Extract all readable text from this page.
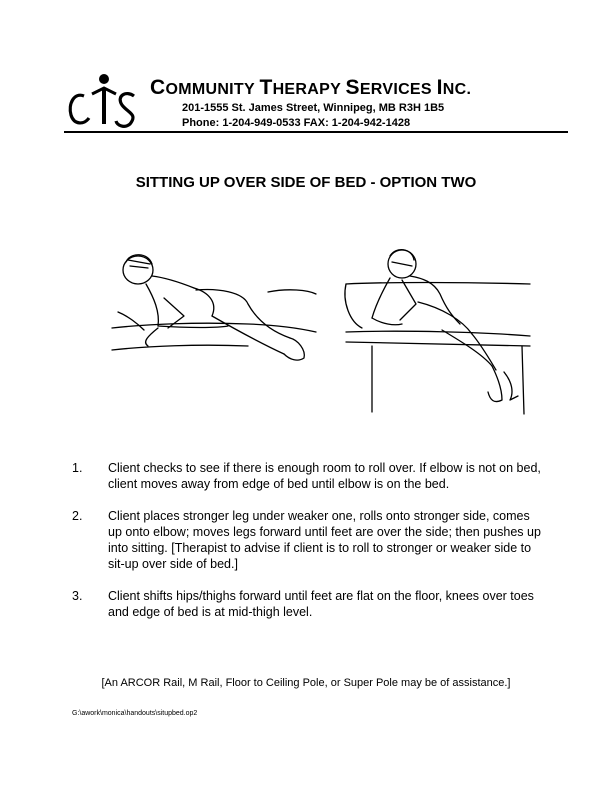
COMMUNITY THERAPY SERVICES INC.
201-1555 St. James Street, Winnipeg, MB R3H 1B5
Phone: 1-204-949-0533 FAX: 1-204-942-1428
SITTING UP OVER SIDE OF BED - OPTION TWO
1. Client checks to see if there is enough room to roll over. If elbow is not on bed, client moves away from edge of bed until elbow is on the bed.
2. Client places stronger leg under weaker one, rolls onto stronger side, comes up onto elbow; moves legs forward until feet are over the side; then pushes up into sitting. [Therapist to advise if client is to roll to stronger or weaker side to sit-up over side of bed.]
3. Client shifts hips/thighs forward until feet are flat on the floor, knees over toes and edge of bed is at mid-thigh level.
[An ARCOR Rail, M Rail, Floor to Ceiling Pole, or Super Pole may be of assistance.]
G:\awork\monica\handouts\situpbed.op2
